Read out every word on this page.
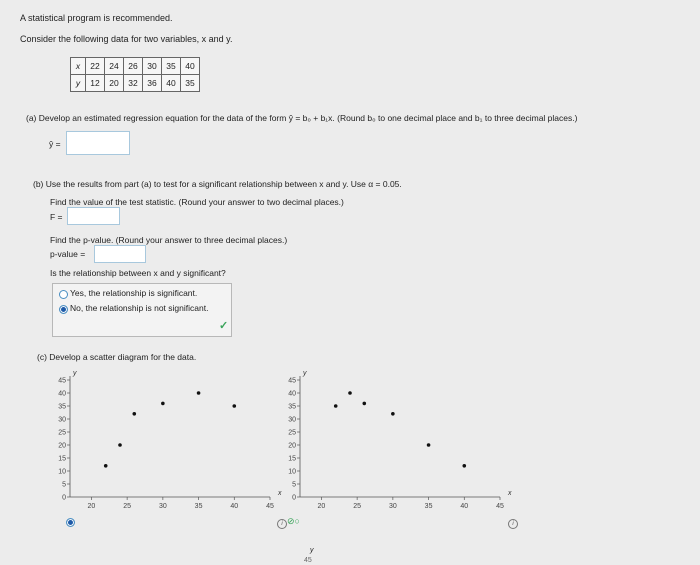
A statistical program is recommended.
Consider the following data for two variables, x and y.
x	22	24	26	30	35	40
y	12	20	32	36	40	35
(a) Develop an estimated regression equation for the data of the form ŷ = b₀ + b₁x. (Round b₀ to one decimal place and b₁ to three decimal places.)
ŷ =
(b) Use the results from part (a) to test for a significant relationship between x and y. Use α = 0.05.
Find the value of the test statistic. (Round your answer to two decimal places.)
F =
Find the p-value. (Round your answer to three decimal places.)
p-value =
Is the relationship between x and y significant?
Yes, the relationship is significant.
No, the relationship is not significant.
✓
(c) Develop a scatter diagram for the data.
0
5
10
15
20
25
30
35
40
45
20	25	30	35	40	45
y
x
0
5
10
15
20
25
30
35
40
45
20	25	30	35	40	45
y
x
⊘○
i	i
y
45
